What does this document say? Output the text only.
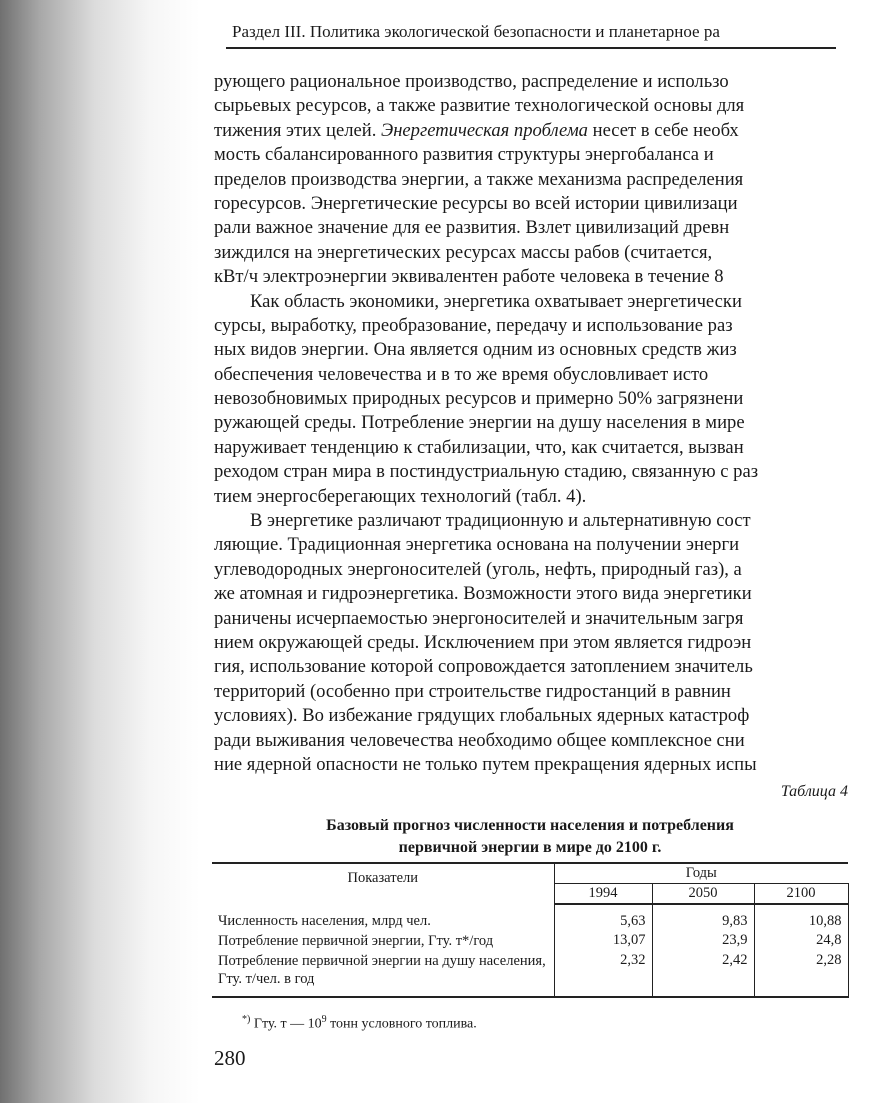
Раздел III. Политика экологической безопасности и планетарное ра
рующего рациональное производство, распределение и использо
сырьевых ресурсов, а также развитие технологической основы для
тижения этих целей. Энергетическая проблема несет в себе необх
мость сбалансированного развития структуры энергобаланса и
пределов производства энергии, а также механизма распределения
горесурсов. Энергетические ресурсы во всей истории цивилизаци
рали важное значение для ее развития. Взлет цивилизаций древн
зиждился на энергетических ресурсах массы рабов (считается,
кВт/ч электроэнергии эквивалентен работе человека в течение 8
Как область экономики, энергетика охватывает энергетически
сурсы, выработку, преобразование, передачу и использование раз
ных видов энергии. Она является одним из основных средств жиз
обеспечения человечества и в то же время обусловливает исто
невозобновимых природных ресурсов и примерно 50% загрязнени
ружающей среды. Потребление энергии на душу населения в мире
наруживает тенденцию к стабилизации, что, как считается, вызван
реходом стран мира в постиндустриальную стадию, связанную с раз
тием энергосберегающих технологий (табл. 4).
В энергетике различают традиционную и альтернативную сост
ляющие. Традиционная энергетика основана на получении энерги
углеводородных энергоносителей (уголь, нефть, природный газ), а
же атомная и гидроэнергетика. Возможности этого вида энергетики
раничены исчерпаемостью энергоносителей и значительным загря
нием окружающей среды. Исключением при этом является гидроэн
гия, использование которой сопровождается затоплением значитель
территорий (особенно при строительстве гидростанций в равнин
условиях). Во избежание грядущих глобальных ядерных катастроф
ради выживания человечества необходимо общее комплексное сни
ние ядерной опасности не только путем прекращения ядерных испы
Таблица 4
Базовый прогноз численности населения и потребления
первичной энергии в мире до 2100 г.
Показатели	Годы		
	1994	2050	2100
Численность населения, млрд чел.	5,63	9,83	10,88
Потребление первичной энергии, Гту. т*/год	13,07	23,9	24,8
Потребление первичной энергии на душу населения, Гту. т/чел. в год	2,32	2,42	2,28
*) Гту. т — $10^9$ тонн условного топлива.
280
